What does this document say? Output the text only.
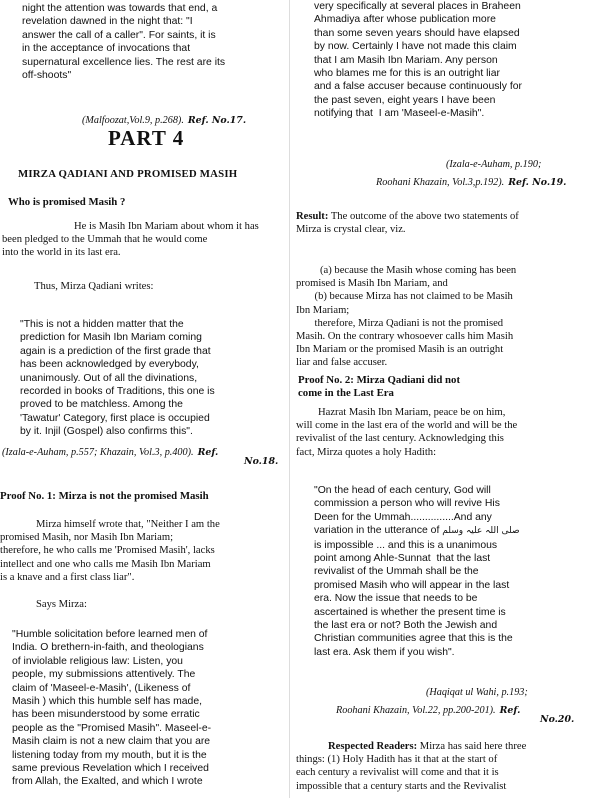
night the attention was towards that end, a
revelation dawned in the night that: "I
answer the call of a caller". For saints, it is
in the acceptance of invocations that
supernatural excellence lies. The rest are its
off-shoots"

(Malfoozat,Vol.9, p.268). Ref. No.17.
PART 4
MIRZA QADIANI AND PROMISED MASIH
Who is promised Masih ?

He is Masih Ibn Mariam about whom it has
been pledged to the Ummah that he would come
into the world in its last era.

Thus, Mirza Qadiani writes:

"This is not a hidden matter that the
prediction for Masih Ibn Mariam coming
again is a prediction of the first grade that
has been acknowledged by everybody,
unanimously. Out of all the divinations,
recorded in books of Traditions, this one is
proved to be matchless. Among the
'Tawatur' Category, first place is occupied
by it. Injil (Gospel) also confirms this".

(Izala-e-Auham, p.557; Khazain, Vol.3, p.400). Ref.
No.18.
Proof No. 1: Mirza is not the promised Masih

Mirza himself wrote that, "Neither I am the
promised Masih, nor Masih Ibn Mariam;
therefore, he who calls me 'Promised Masih', lacks
intellect and one who calls me Masih Ibn Mariam
is a knave and a first class liar".

Says Mirza:

"Humble solicitation before learned men of
India. O brethern-in-faith, and theologians
of inviolable religious law: Listen, you
people, my submissions attentively. The
claim of 'Maseel-e-Masih', (Likeness of
Masih ) which this humble self has made,
has been misunderstood by some erratic
people as the "Promised Masih". Maseel-e-
Masih claim is not a new claim that you are
listening today from my mouth, but it is the
same previous Revelation which I received
from Allah, the Exalted, and which I wrote

very specifically at several places in Braheen
Ahmadiya after whose publication more
than some seven years should have elapsed
by now. Certainly I have not made this claim
that I am Masih Ibn Mariam. Any person
who blames me for this is an outright liar
and a false accuser because continuously for
the past seven, eight years I have been
notifying that  I am 'Maseel-e-Masih".

(Izala-e-Auham, p.190;
Roohani Khazain, Vol.3,p.192). Ref. No.19.

Result: The outcome of the above two statements of
Mirza is crystal clear, viz.

(a) because the Masih whose coming has been
promised is Masih Ibn Mariam, and
(b) because Mirza has not claimed to be Masih
Ibn Mariam;
therefore, Mirza Qadiani is not the promised
Masih. On the contrary whosoever calls him Masih
Ibn Mariam or the promised Masih is an outright
liar and false accuser.

Proof No. 2: Mirza Qadiani did not
come in the Last Era

Hazrat Masih Ibn Mariam, peace be on him,
will come in the last era of the world and will be the
revivalist of the last century. Acknowledging this
fact, Mirza quotes a holy Hadith:

"On the head of each century, God will
commission a person who will revive His
Deen for the Ummah...............And any
variation in the utterance of صلی اللہ علیہ وسلم
is impossible ... and this is a unanimous
point among Ahle-Sunnat  that the last
revivalist of the Ummah shall be the
promised Masih who will appear in the last
era. Now the issue that needs to be
ascertained is whether the present time is
the last era or not? Both the Jewish and
Christian communities agree that this is the
last era. Ask them if you wish".
(Haqiqat ul Wahi, p.193;
Roohani Khazain, Vol.22, pp.200-201). Ref.
No.20.

Respected Readers: Mirza has said here three
things: (1) Holy Hadith has it that at the start of
each century a revivalist will come and that it is
impossible that a century starts and the Revivalist
